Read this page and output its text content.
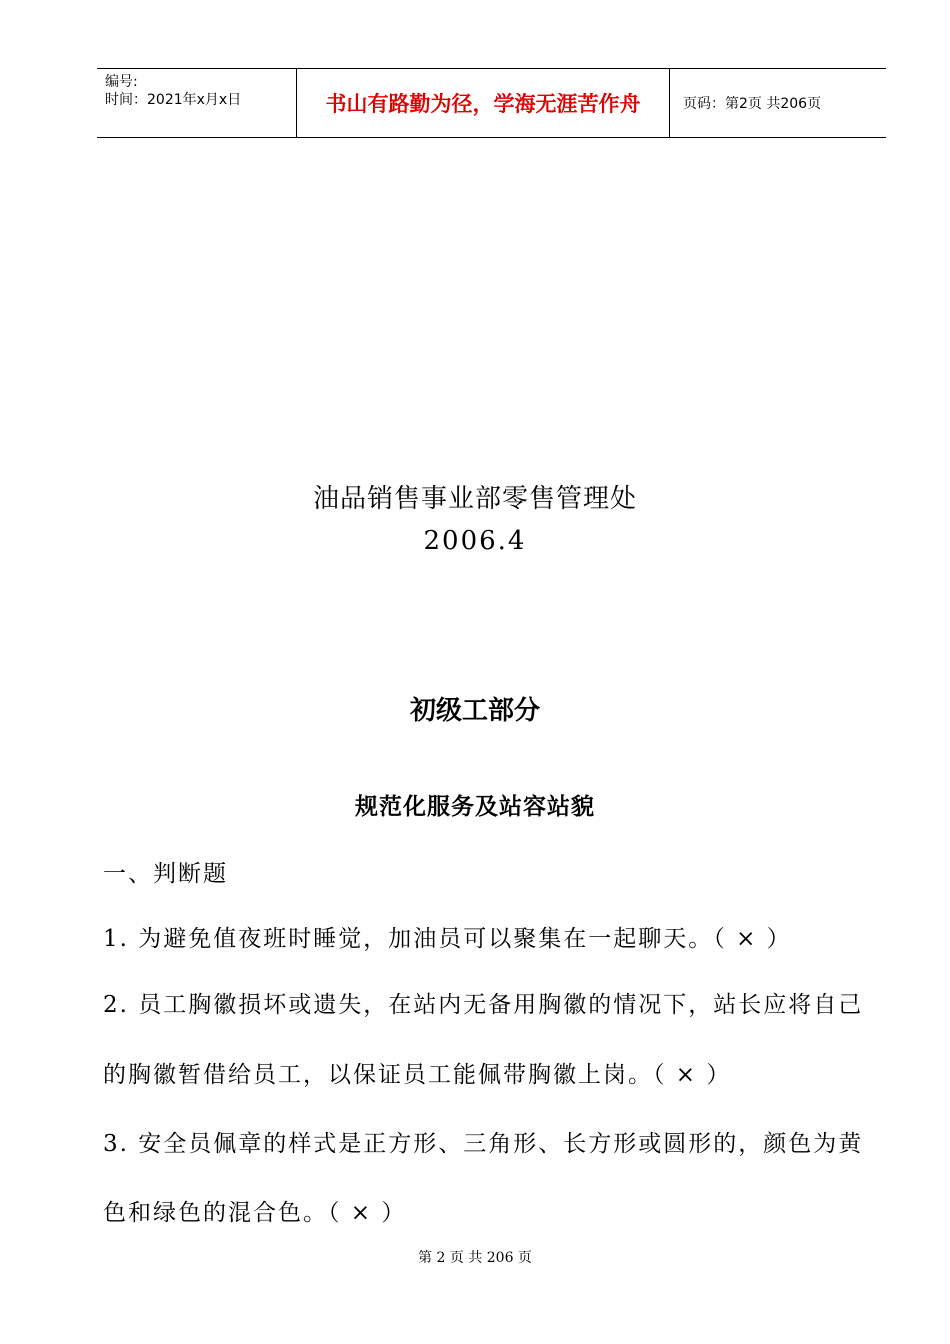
编号:
时间：2021年x月x日	书山有路勤为径，学海无涯苦作舟	页码：第2页 共206页
油品销售事业部零售管理处
2006.4
初级工部分
规范化服务及站容站貌
一、判断题
1. 为避免值夜班时睡觉，加油员可以聚集在一起聊天。（ × ）
2. 员工胸徽损坏或遗失，在站内无备用胸徽的情况下，站长应将自己
的胸徽暂借给员工，以保证员工能佩带胸徽上岗。（ × ）
3. 安全员佩章的样式是正方形、三角形、长方形或圆形的，颜色为黄
色和绿色的混合色。（ × ）
第 2 页 共 206 页
